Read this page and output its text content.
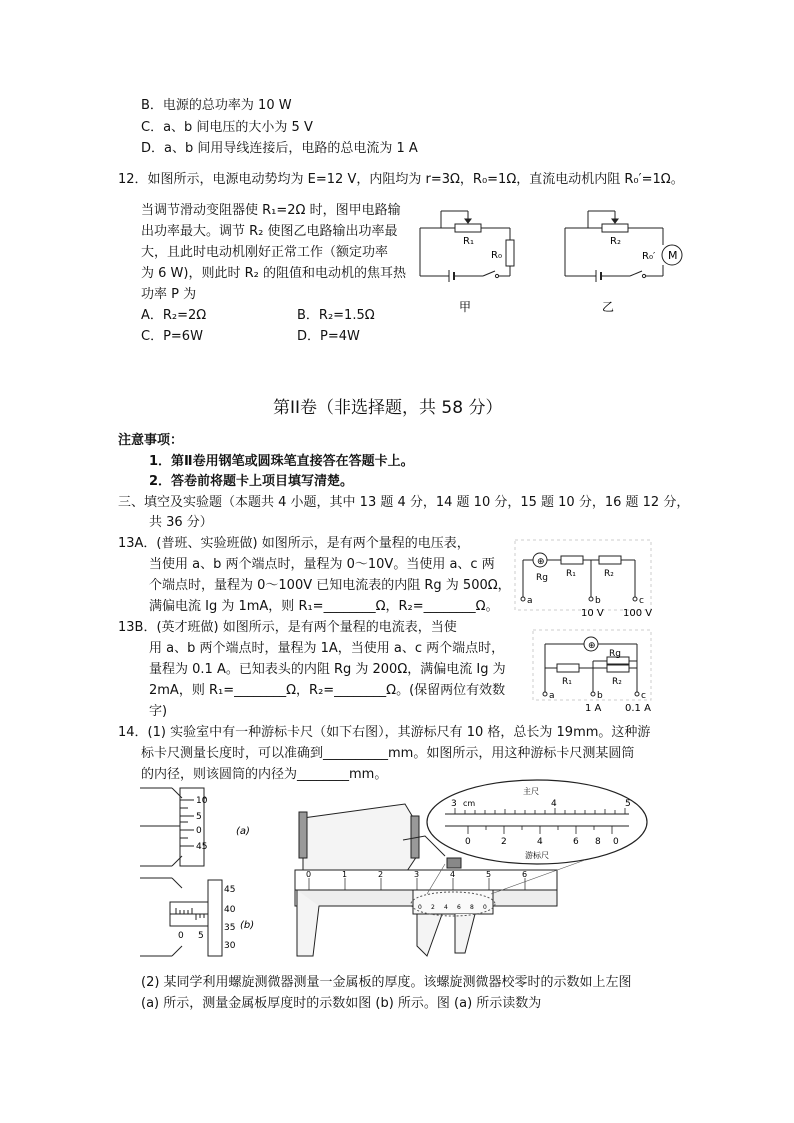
B．电源的总功率为 10 W
C．a、b 间电压的大小为 5 V
D．a、b 间用导线连接后，电路的总电流为 1 A
12．如图所示，电源电动势均为 E=12 V，内阻均为 r=3Ω，R₀=1Ω，直流电动机内阻 R₀′=1Ω。
当调节滑动变阻器使 R₁=2Ω 时，图甲电路输
出功率最大。调节 R₂ 使图乙电路输出功率最
大，且此时电动机刚好正常工作（额定功率
为 6 W)，则此时 R₂ 的阻值和电动机的焦耳热
功率 P 为
A．R₂=2Ω	B．R₂=1.5Ω
C．P=6W	D．P=4W
R₁
R₀
甲
M
R₂
R₀′
乙
第II卷（非选择题，共 58 分）
注意事项：
1．第Ⅱ卷用钢笔或圆珠笔直接答在答题卡上。
2．答卷前将题卡上项目填写清楚。
三、填空及实验题（本题共 4 小题，其中 13 题 4 分，14 题 10 分，15 题 10 分，16 题 12 分，
共 36 分）
13A．(普班、实验班做) 如图所示，是有两个量程的电压表，
当使用 a、b 两个端点时，量程为 0～10V。当使用 a、c 两
个端点时，量程为 0～100V 已知电流表的内阻 Rg 为 500Ω，
满偏电流 Ig 为 1mA，则 R₁=________Ω，R₂=________Ω。
⊕
Rg R₁	R₂
a	b	c
10 V 100 V
13B．(英才班做) 如图所示，是有两个量程的电流表，当使
用 a、b 两个端点时，量程为 1A，当使用 a、c 两个端点时，
量程为 0.1 A。已知表头的内阻 Rg 为 200Ω，满偏电流 Ig 为
2mA，则 R₁=________Ω，R₂=________Ω。(保留两位有效数
字)
⊕
Rg
R₁	R₂
a	b	c
1 A 0.1 A
14．(1) 实验室中有一种游标卡尺（如下右图），其游标尺有 10 格，总长为 19mm。这种游
标卡尺测量长度时，可以准确到__________mm。如图所示，用这种游标卡尺测某圆筒
的内径，则该圆筒的内径为________mm。
10
5
0
45
(a)
0 5
45
40
35
30
(b)
主尺
3 cm	4	5
0	2	4	6 8 0
游标尺
0	1	2	3	4	5	6
0 2 4 6 8 0
(2) 某同学利用螺旋测微器测量一金属板的厚度。该螺旋测微器校零时的示数如上左图
(a) 所示，测量金属板厚度时的示数如图 (b) 所示。图 (a) 所示读数为
